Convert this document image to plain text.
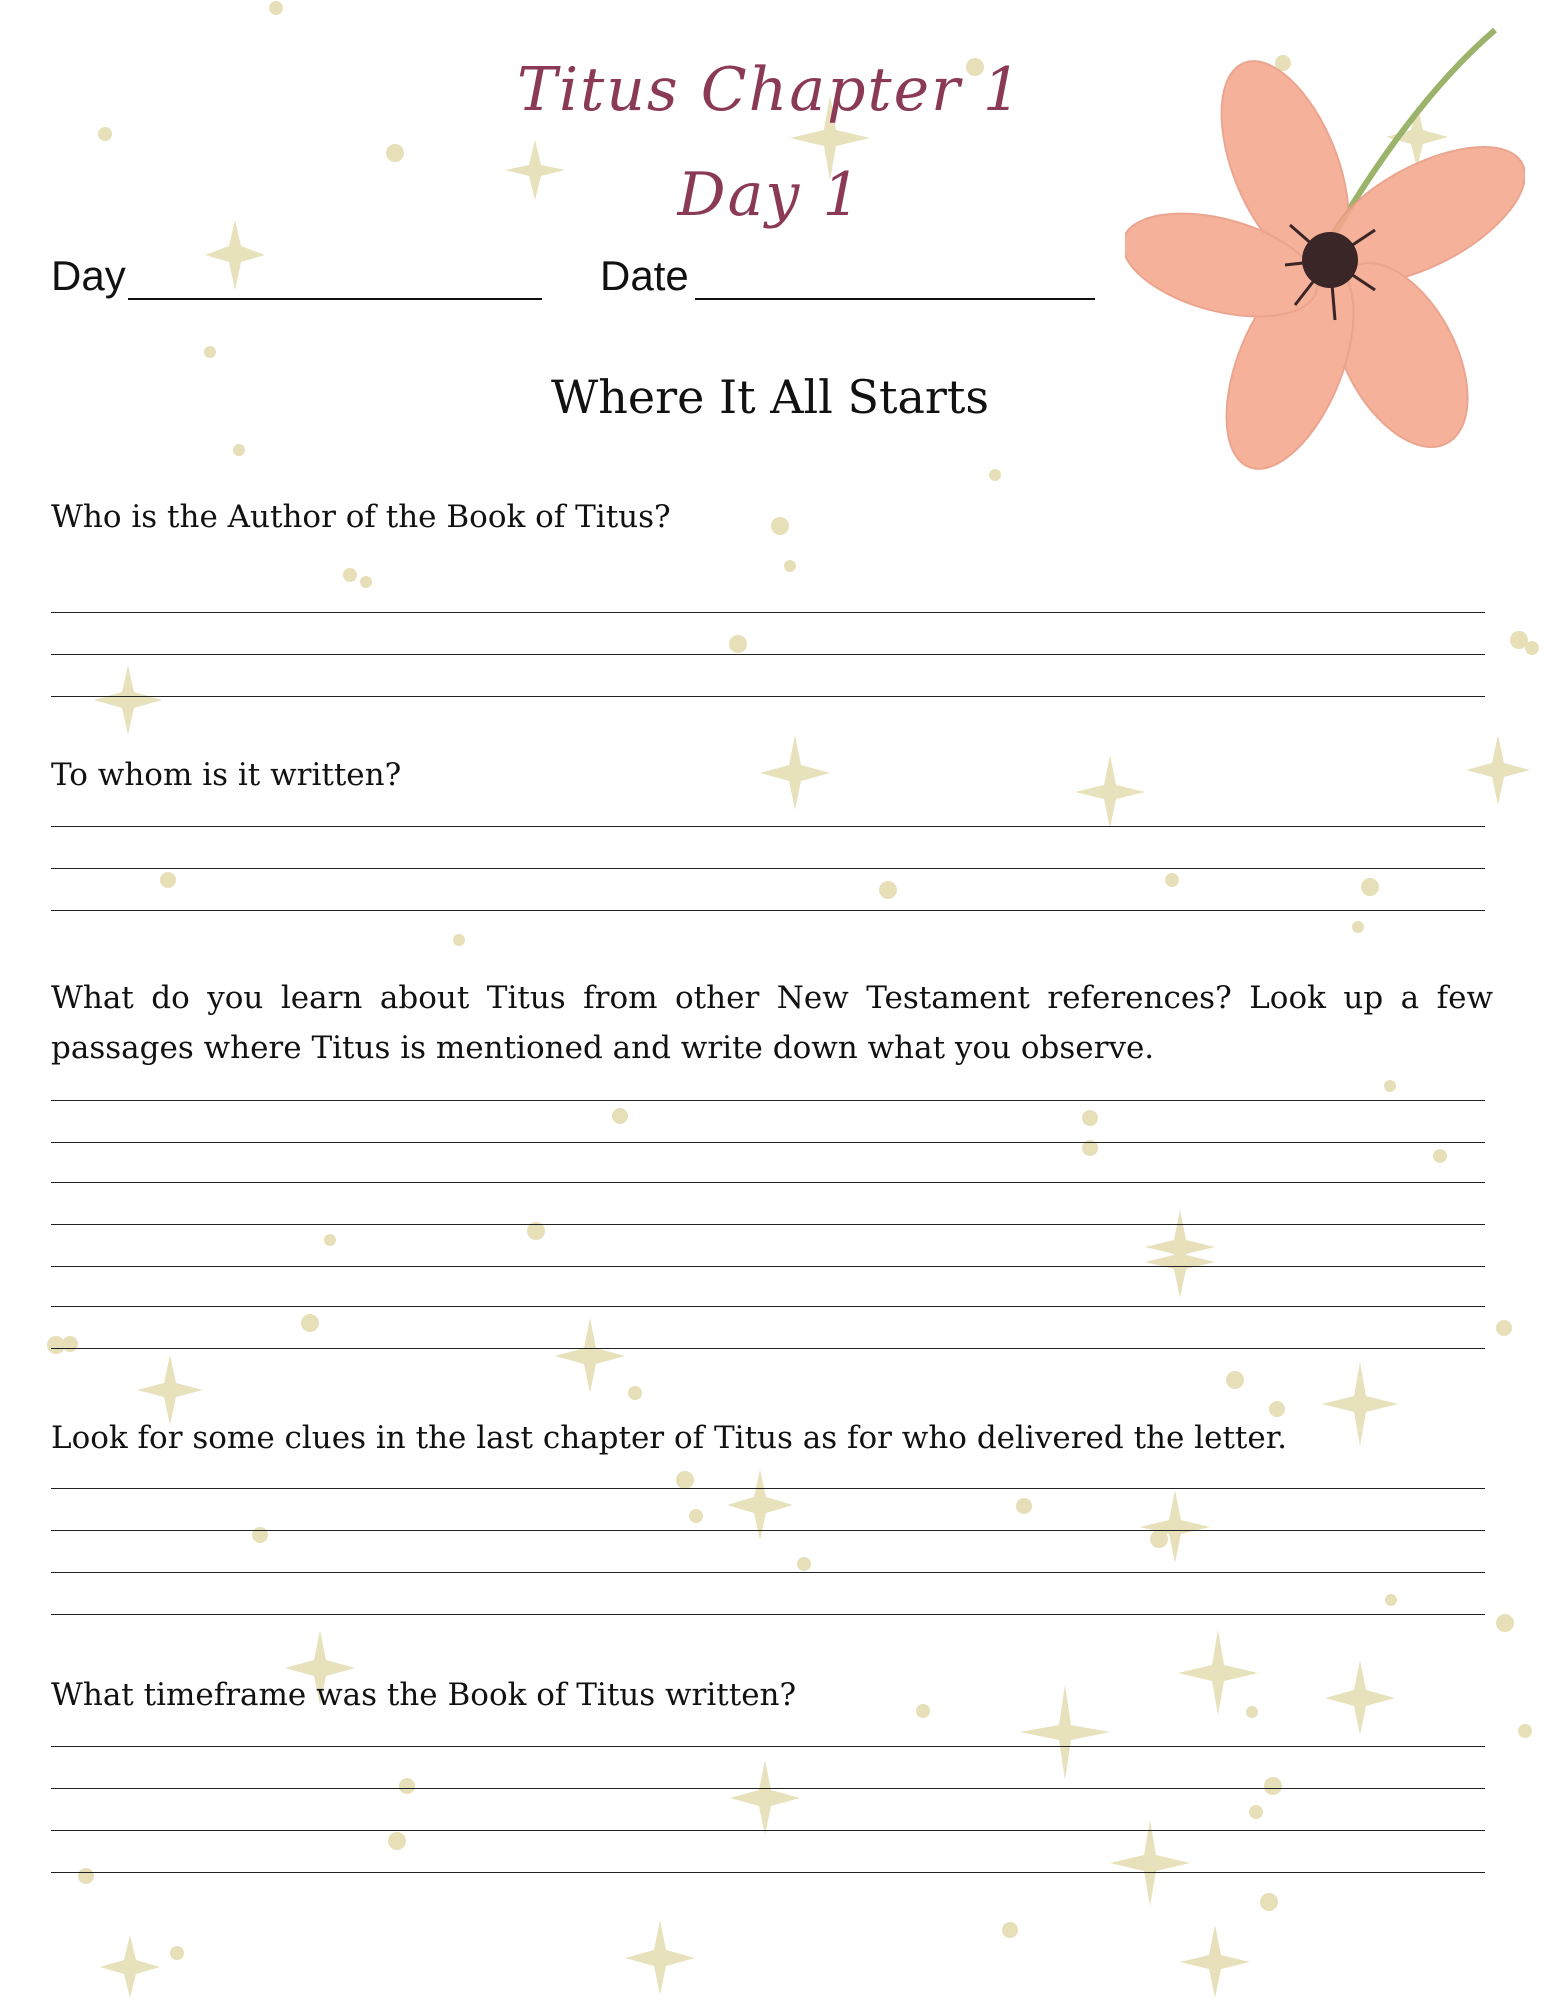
Titus Chapter 1
Day 1
Day	Date
Where It All Starts
Who is the Author of the Book of Titus?
To whom is it written?
What do you learn about Titus from other New Testament references? Look up a few passages where Titus is mentioned and write down what you observe.
Look for some clues in the last chapter of Titus as for who delivered the letter.
What timeframe was the Book of Titus written?
